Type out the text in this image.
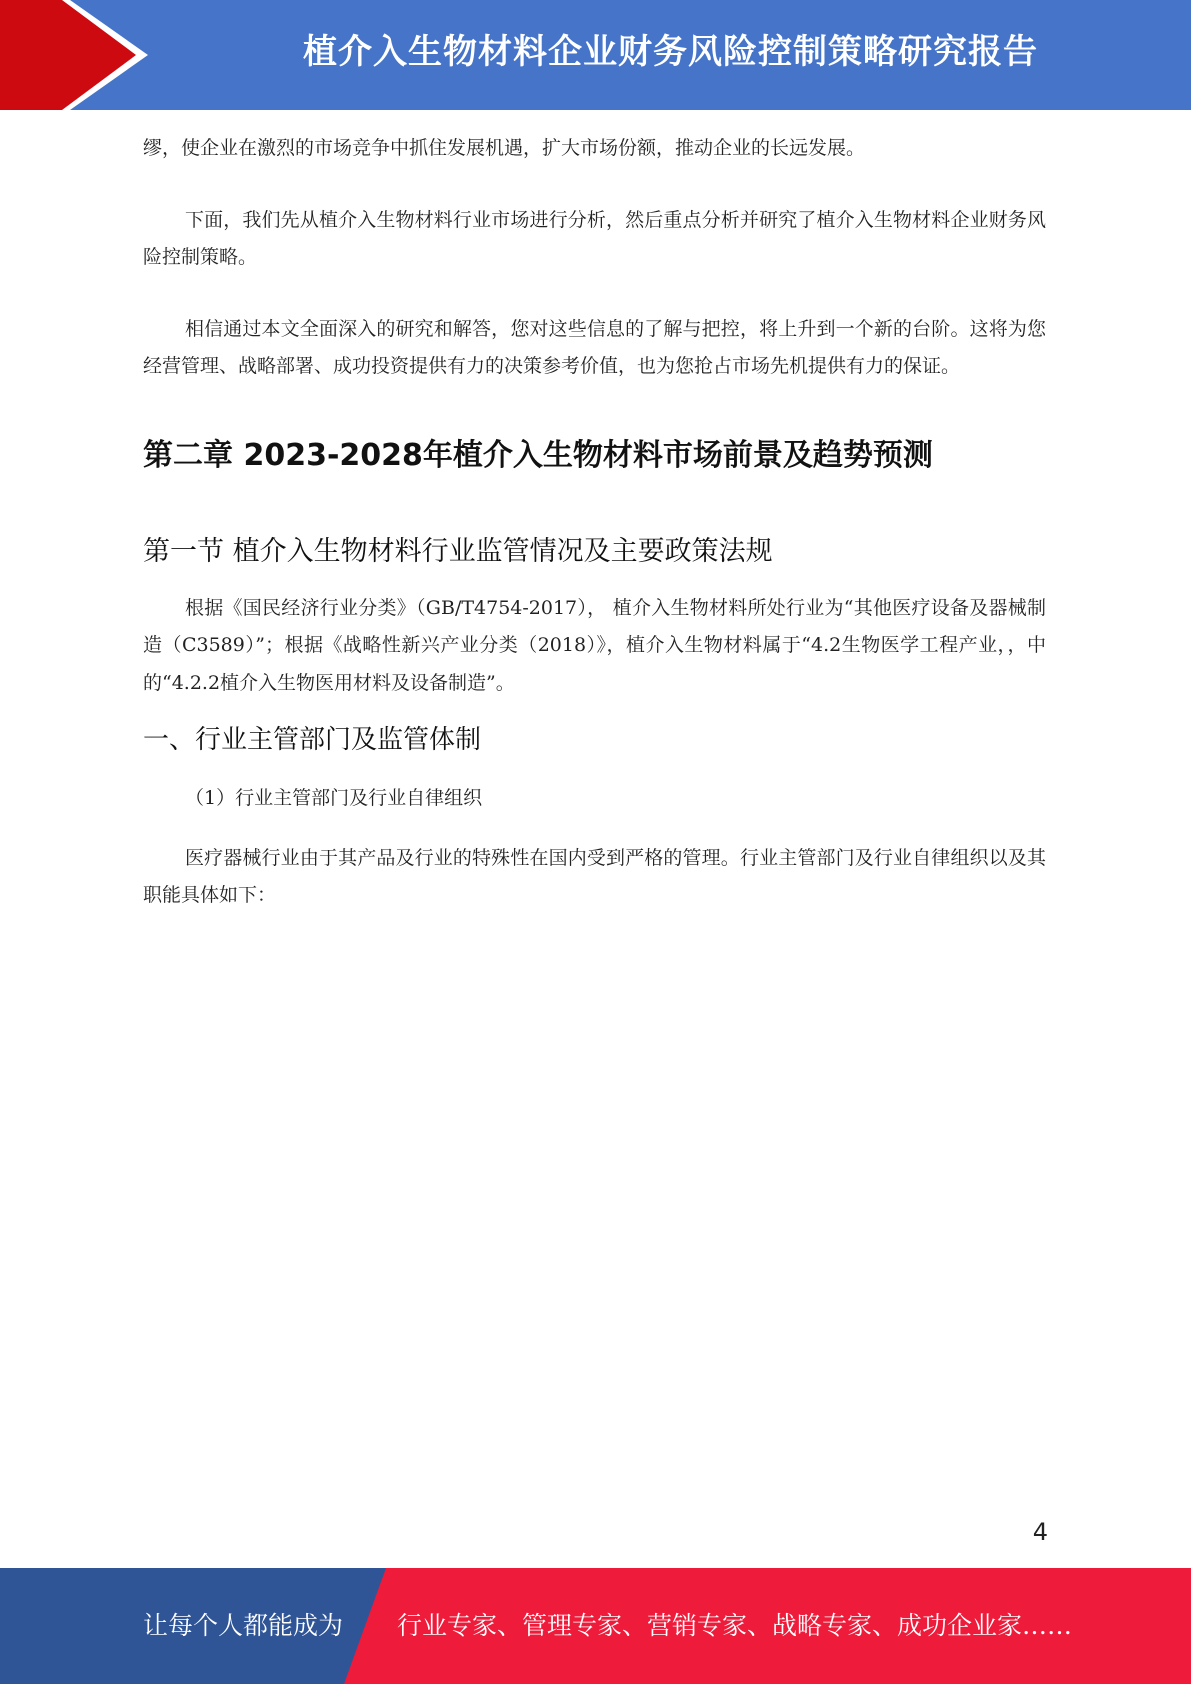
植介入生物材料企业财务风险控制策略研究报告

缪，使企业在激烈的市场竞争中抓住发展机遇，扩大市场份额，推动企业的长远发展。

下面，我们先从植介入生物材料行业市场进行分析，然后重点分析并研究了植介入生物材料企业财务风险控制策略。

相信通过本文全面深入的研究和解答，您对这些信息的了解与把控，将上升到一个新的台阶。这将为您经营管理、战略部署、成功投资提供有力的决策参考价值，也为您抢占市场先机提供有力的保证。

第二章 2023-2028年植介入生物材料市场前景及趋势预测
第一节 植介入生物材料行业监管情况及主要政策法规

根据《国民经济行业分类》（GB/T4754-2017）， 植介入生物材料所处行业为“其他医疗设备及器械制造（C3589）”；根据《战略性新兴产业分类（2018）》，植介入生物材料属于“4.2生物医学工程产业，，中的“4.2.2植介入生物医用材料及设备制造”。

一、行业主管部门及监管体制

（1）行业主管部门及行业自律组织

医疗器械行业由于其产品及行业的特殊性在国内受到严格的管理。行业主管部门及行业自律组织以及其职能具体如下：

4
让每个人都能成为 行业专家、管理专家、营销专家、战略专家、成功企业家……
